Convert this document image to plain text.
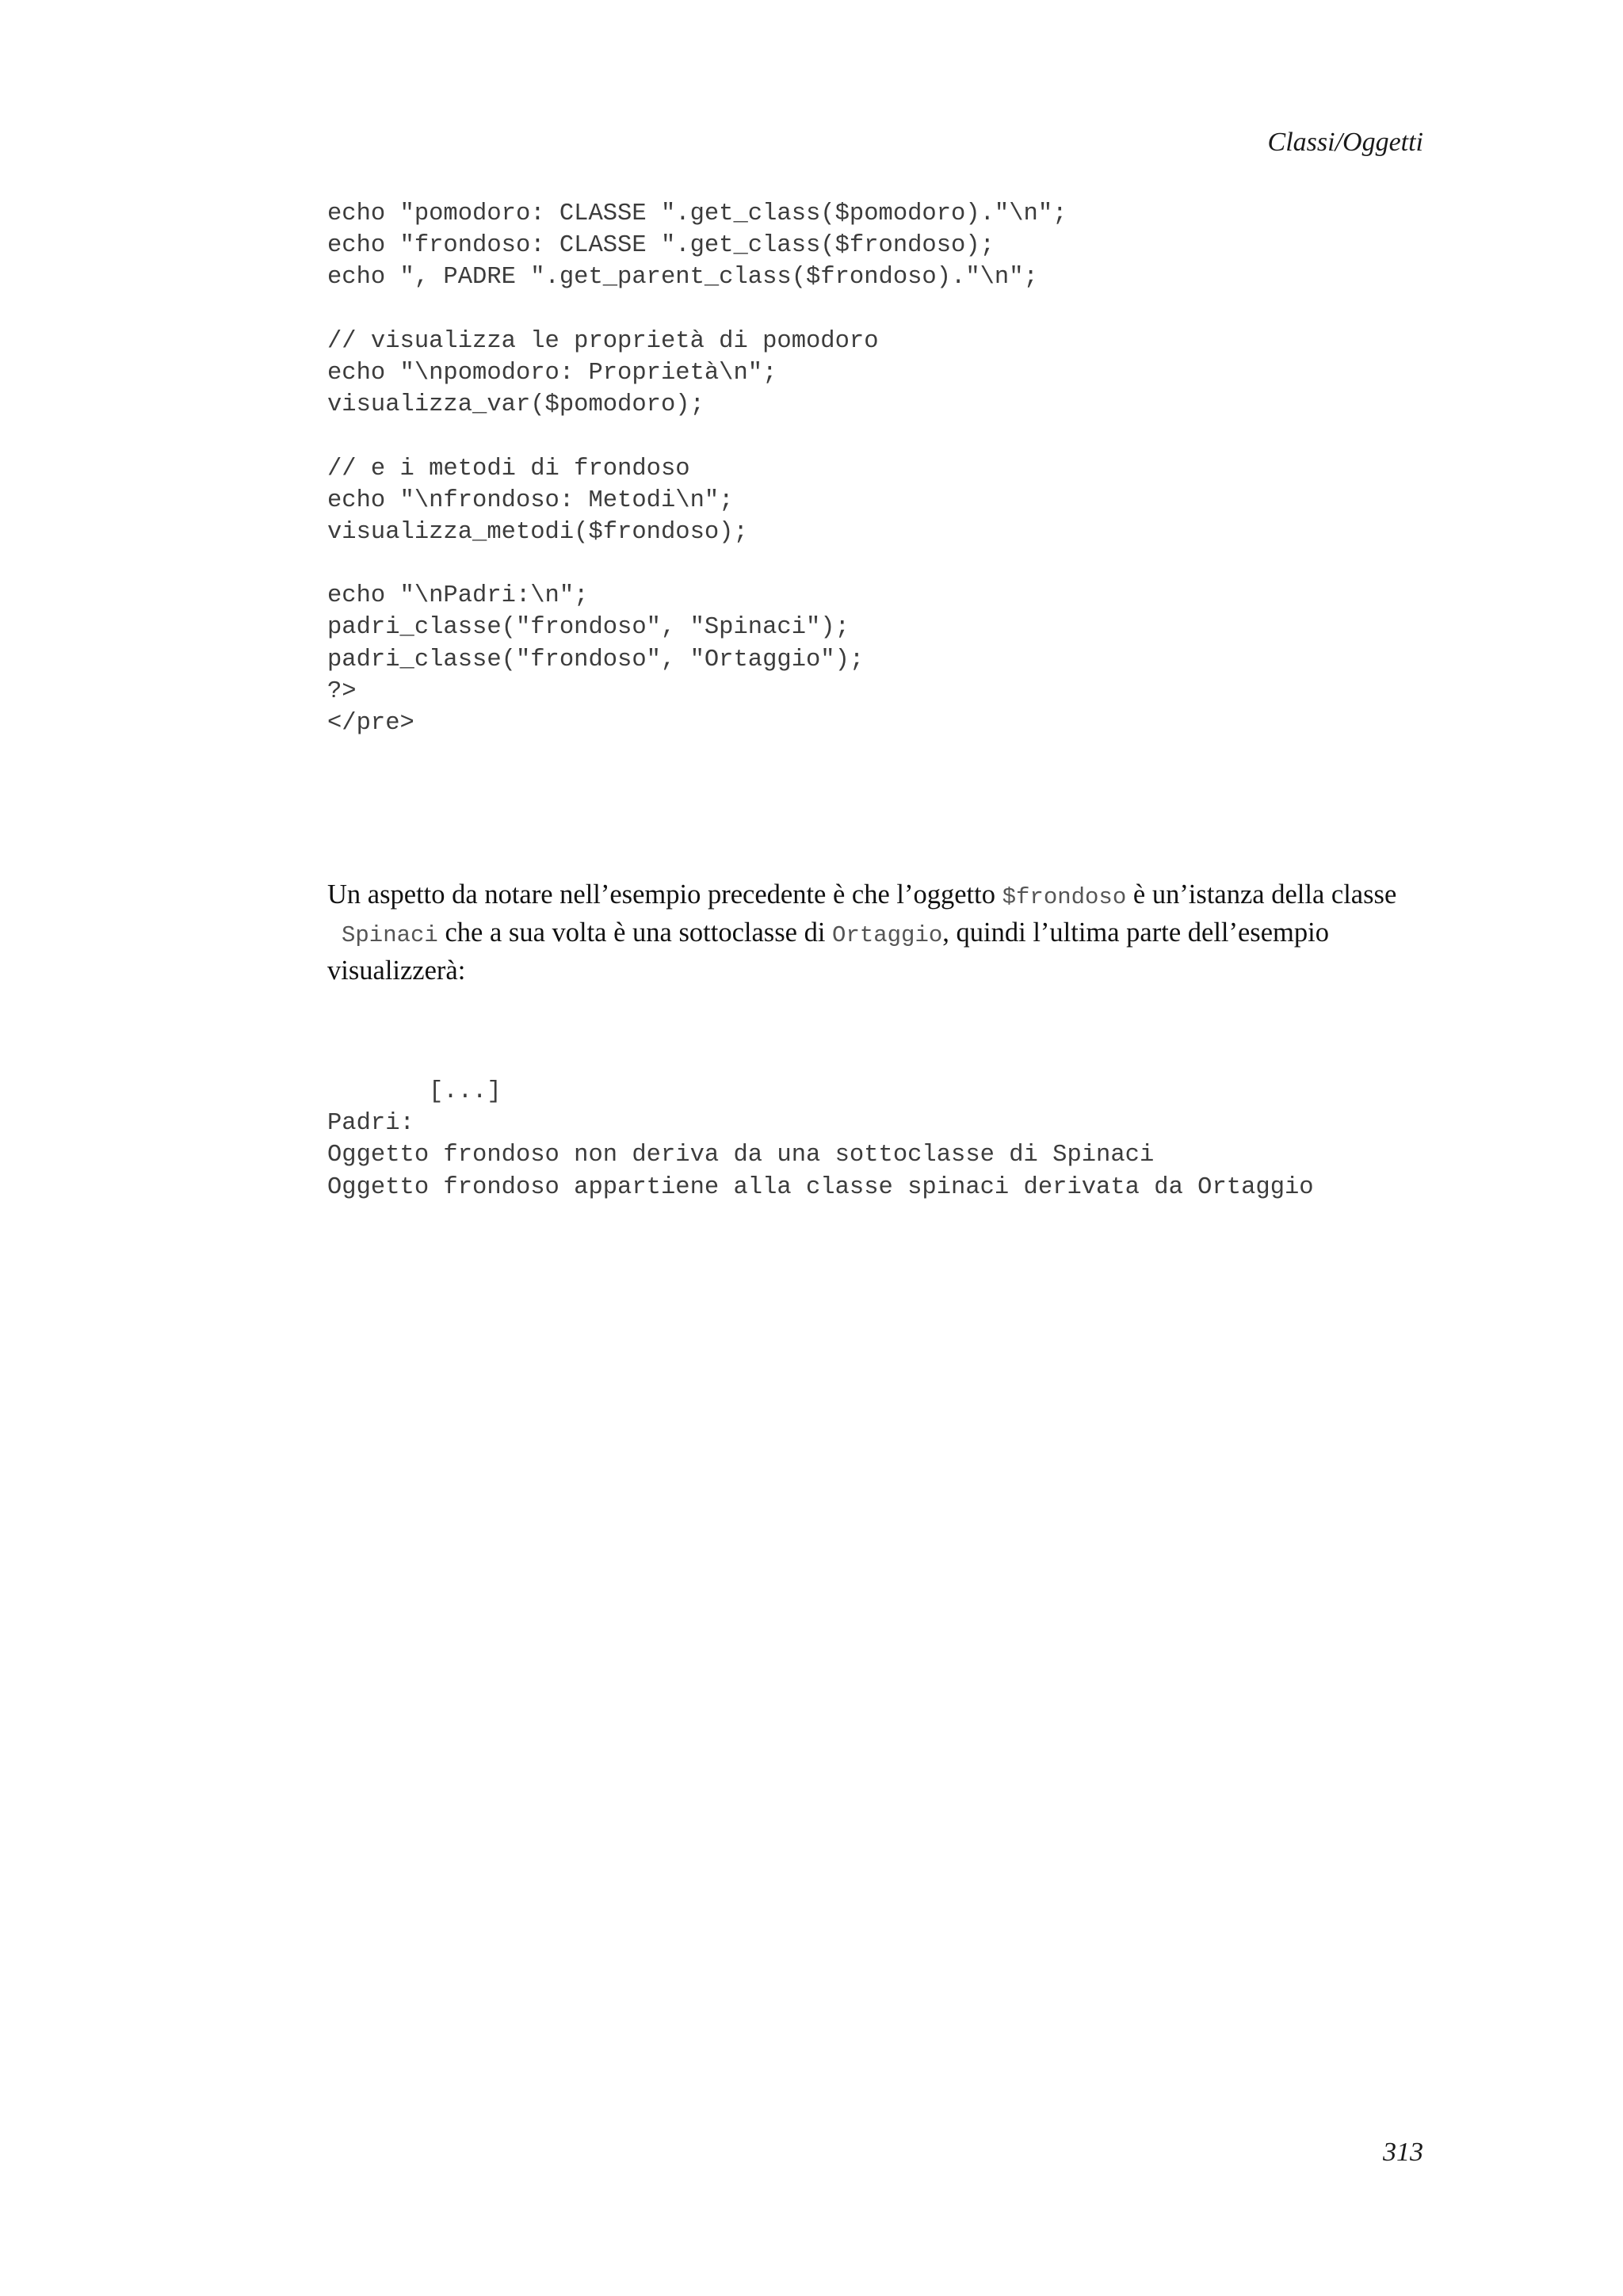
Classi/Oggetti
echo "pomodoro: CLASSE ".get_class($pomodoro)."\n";
echo "frondoso: CLASSE ".get_class($frondoso);
echo ", PADRE ".get_parent_class($frondoso)."\n";
// visualizza le proprietà di pomodoro
echo "\npomodoro: Proprietà\n";
visualizza_var($pomodoro);
// e i metodi di frondoso
echo "\nfrondoso: Metodi\n";
visualizza_metodi($frondoso);
echo "\nPadri:\n";
padri_classe("frondoso", "Spinaci");
padri_classe("frondoso", "Ortaggio");
?>
</pre>

Un aspetto da notare nell’esempio precedente è che l’oggetto $frondoso è un’istanza della classe
Spinaci che a sua volta è una sottoclasse di Ortaggio, quindi l’ultima parte dell’esempio visualizzerà:

[...]
Padri:
Oggetto frondoso non deriva da una sottoclasse di Spinaci
Oggetto frondoso appartiene alla classe spinaci derivata da Ortaggio
313
